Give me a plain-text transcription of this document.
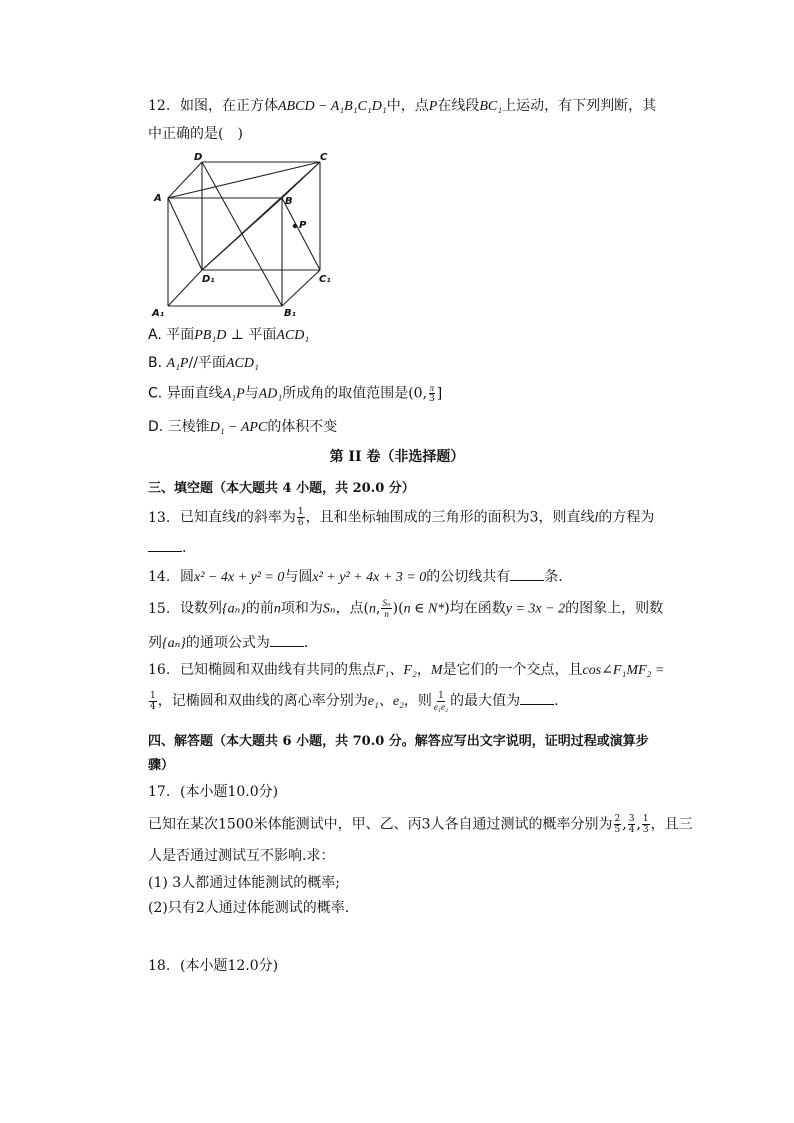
12. 如图，在正方体ABCD − A₁B₁C₁D₁中，点P在线段BC₁上运动，有下列判断，其
中正确的是(　)
D	C
A	B
P
D₁	C₁
A₁	B₁
A. 平面PB₁D ⊥ 平面ACD₁
B. A₁P//平面ACD₁
C. 异面直线A₁P与AD₁所成角的取值范围是(0, $\frac{\pi}{3}$ ]
D. 三棱锥D₁ − APC的体积不变
第 II 卷（非选择题）
三、填空题（本大题共 4 小题，共 20.0 分）
13. 已知直线l的斜率为 $\frac{1}{6}$ ，且和坐标轴围成的三角形的面积为3，则直线l的方程为
.
14. 圆x² − 4x + y² = 0与圆x² + y² + 4x + 3 = 0的公切线共有 条.
15. 设数列{aₙ}的前n项和为Sₙ，点(n, $\frac{\text{Sₙ}}{n} )(n$ ∈ N*)均在函数y = 3x − 2的图象上，则数
列{aₙ}的通项公式为 .
16. 已知椭圆和双曲线有共同的焦点F₁、F₂，M是它们的一个交点，且cos∠F₁MF₂ =
$\frac{1}{4}$ ，记椭圆和双曲线的离心率分别为e₁、e₂，则 $\frac{1}{\text{e₁e₂}}$ 的最大值为 .
四、解答题（本大题共 6 小题，共 70.0 分。解答应写出文字说明，证明过程或演算步
骤）
17. (本小题10.0分)
已知在某次1500米体能测试中，甲、乙、丙3人各自通过测试的概率分别为 $\frac{2}{5}$ , $\frac{3}{4}$ , $\frac{1}{3}$ ，且三
人是否通过测试互不影响.求：
(1) 3人都通过体能测试的概率;
(2)只有2人通过体能测试的概率.
18. (本小题12.0分)
